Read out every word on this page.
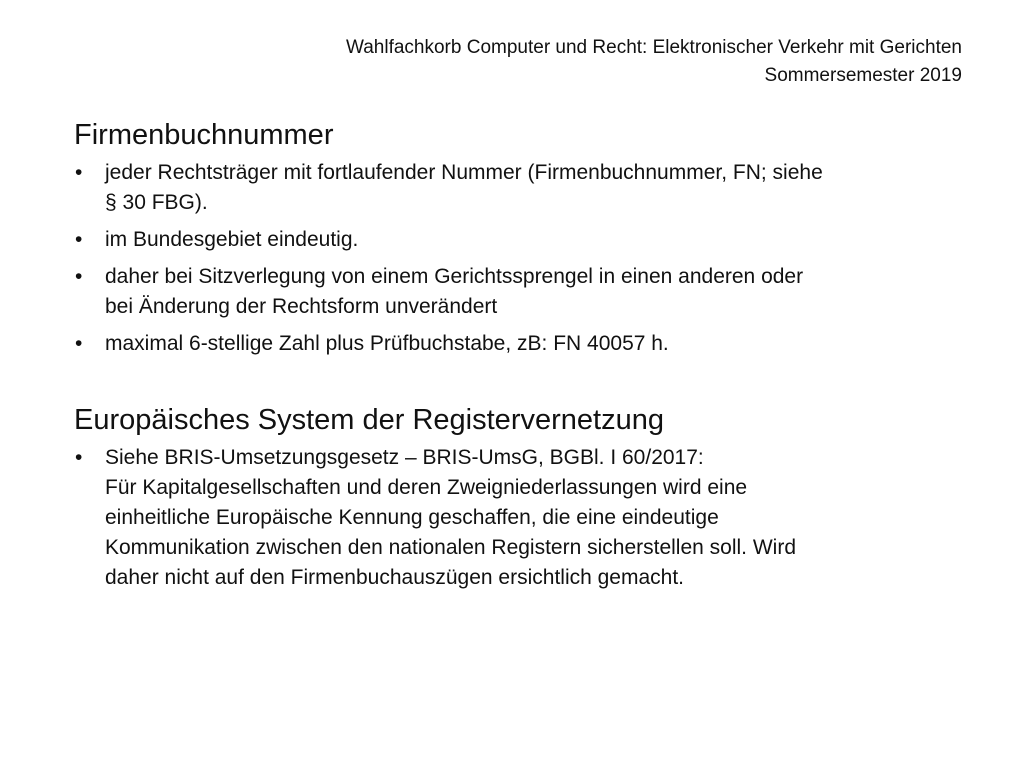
Wahlfachkorb Computer und Recht: Elektronischer Verkehr mit Gerichten
Sommersemester 2019
Firmenbuchnummer
• jeder Rechtsträger mit fortlaufender Nummer (Firmenbuchnummer, FN; siehe
§ 30 FBG).
• im Bundesgebiet eindeutig.
• daher bei Sitzverlegung von einem Gerichtssprengel in einen anderen oder
bei Änderung der Rechtsform unverändert
• maximal 6-stellige Zahl plus Prüfbuchstabe, zB: FN 40057 h.
Europäisches System der Registervernetzung
• Siehe BRIS-Umsetzungsgesetz – BRIS-UmsG, BGBl. I 60/2017:
Für Kapitalgesellschaften und deren Zweigniederlassungen wird eine
einheitliche Europäische Kennung geschaffen, die eine eindeutige
Kommunikation zwischen den nationalen Registern sicherstellen soll. Wird
daher nicht auf den Firmenbuchauszügen ersichtlich gemacht.
